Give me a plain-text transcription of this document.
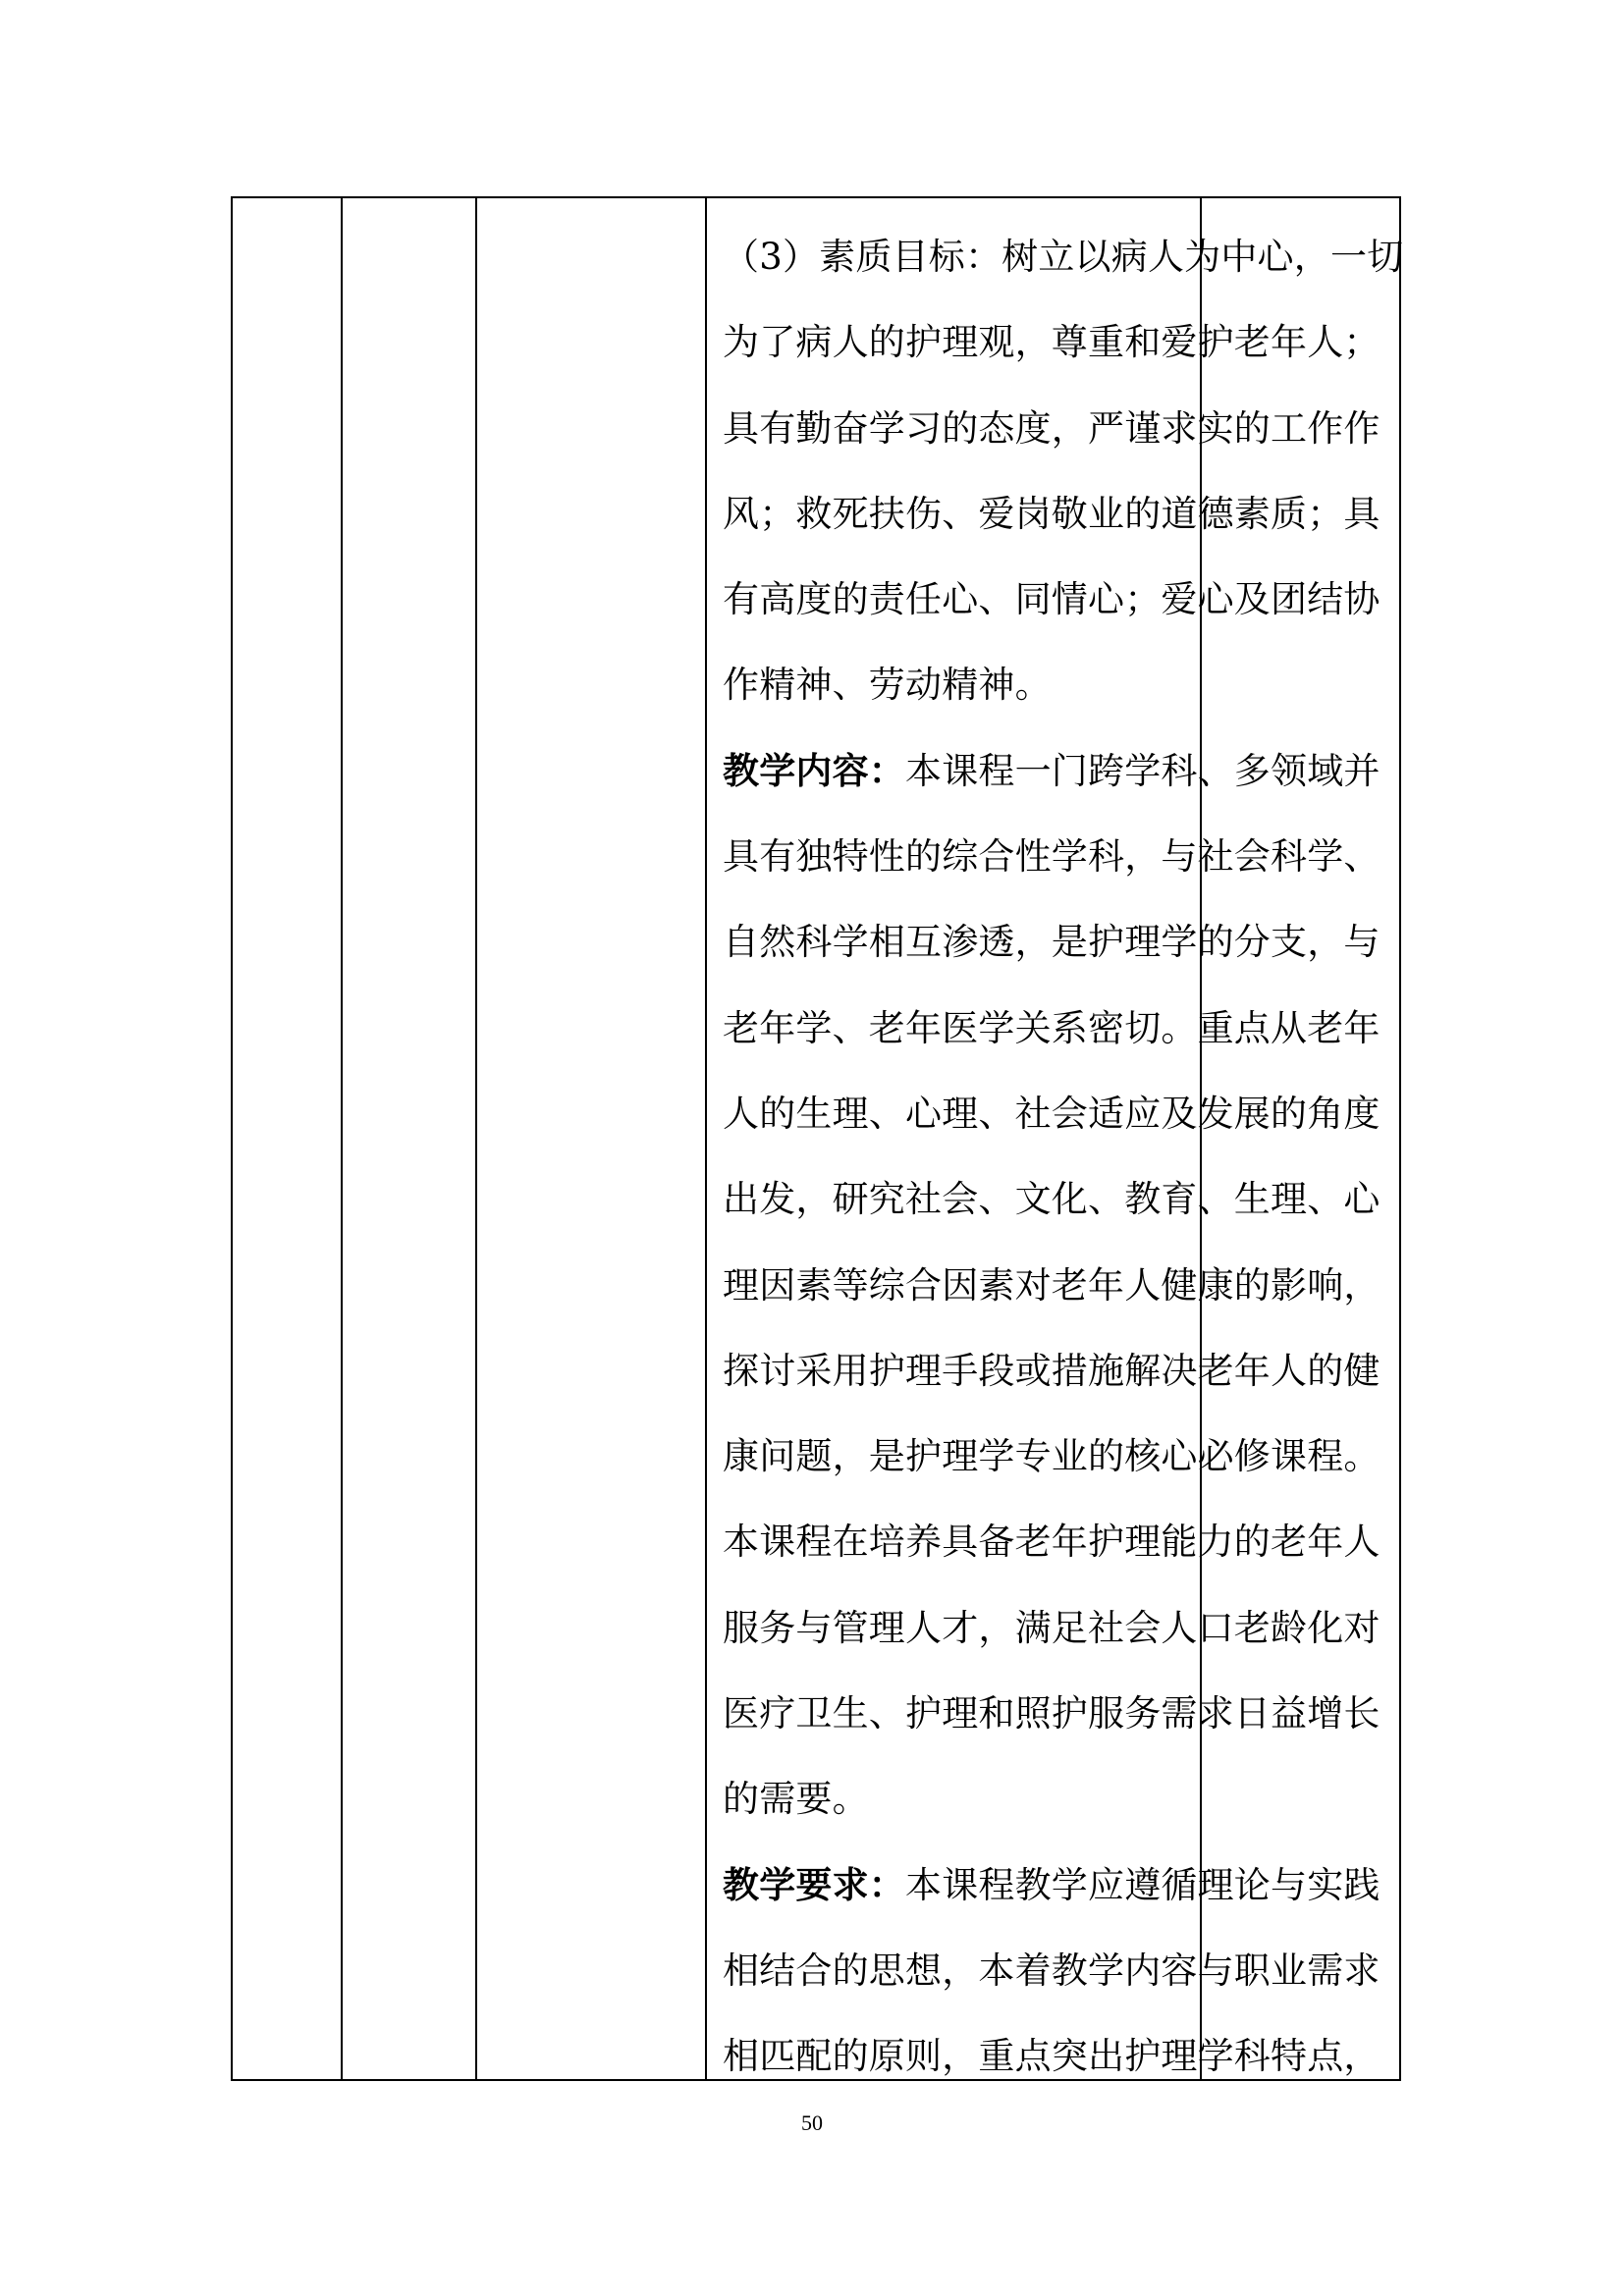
（3）素质目标：树立以病人为中心，一切
为了病人的护理观，尊重和爱护老年人；
具有勤奋学习的态度，严谨求实的工作作
风；救死扶伤、爱岗敬业的道德素质；具
有高度的责任心、同情心；爱心及团结协
作精神、劳动精神。
教学内容：本课程一门跨学科、多领域并
具有独特性的综合性学科，与社会科学、
自然科学相互渗透，是护理学的分支，与
老年学、老年医学关系密切。重点从老年
人的生理、心理、社会适应及发展的角度
出发，研究社会、文化、教育、生理、心
理因素等综合因素对老年人健康的影响，
探讨采用护理手段或措施解决老年人的健
康问题，是护理学专业的核心必修课程。
本课程在培养具备老年护理能力的老年人
服务与管理人才，满足社会人口老龄化对
医疗卫生、护理和照护服务需求日益增长
的需要。
教学要求：本课程教学应遵循理论与实践
相结合的思想，本着教学内容与职业需求
相匹配的原则，重点突出护理学科特点，
50
